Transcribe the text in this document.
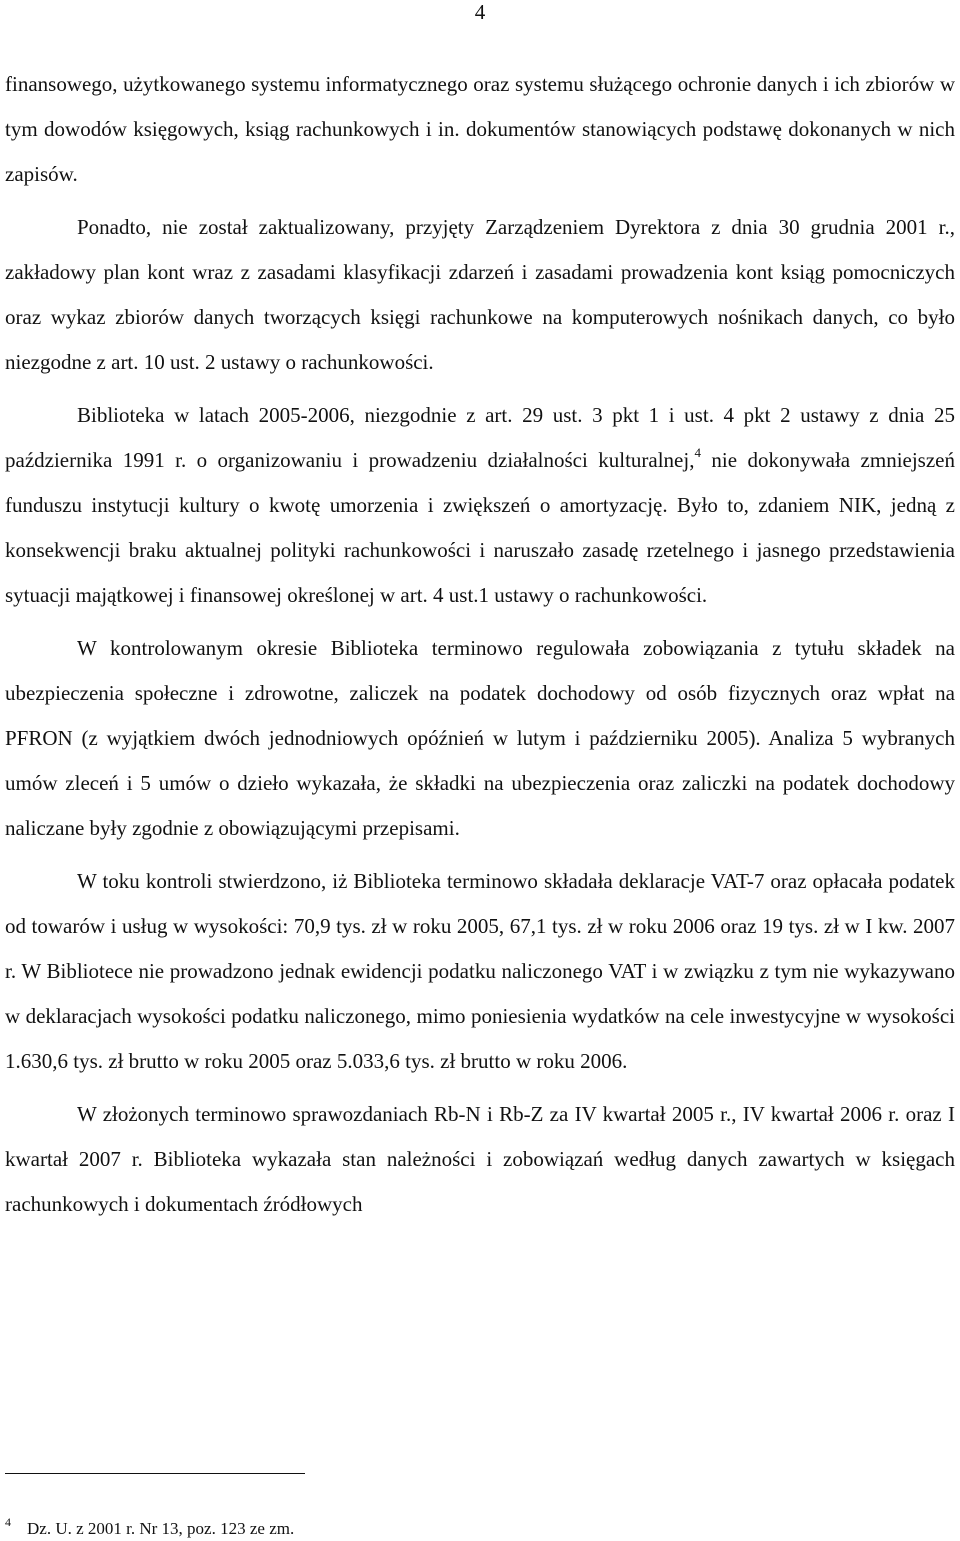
4

finansowego, użytkowanego systemu informatycznego oraz systemu służącego ochronie danych i ich zbiorów w tym dowodów księgowych, ksiąg rachunkowych i in. dokumentów stanowiących podstawę dokonanych w nich zapisów.

Ponadto, nie został zaktualizowany, przyjęty Zarządzeniem Dyrektora z dnia 30 grudnia 2001 r., zakładowy plan kont wraz z zasadami klasyfikacji zdarzeń i zasadami prowadzenia kont ksiąg pomocniczych oraz wykaz zbiorów danych tworzących księgi rachunkowe na komputerowych nośnikach danych, co było niezgodne z art. 10 ust. 2 ustawy o rachunkowości.

Biblioteka w latach 2005-2006, niezgodnie z art. 29 ust. 3 pkt 1 i ust. 4 pkt 2 ustawy z dnia 25 października 1991 r. o organizowaniu i prowadzeniu działalności kulturalnej,$^4$ nie dokonywała zmniejszeń funduszu instytucji kultury o kwotę umorzenia i zwiększeń o amortyzację. Było to, zdaniem NIK, jedną z konsekwencji braku aktualnej polityki rachunkowości i naruszało zasadę rzetelnego i jasnego przedstawienia sytuacji majątkowej i finansowej określonej w art. 4 ust.1 ustawy o rachunkowości.

W kontrolowanym okresie Biblioteka terminowo regulowała zobowiązania z tytułu składek na ubezpieczenia społeczne i zdrowotne, zaliczek na podatek dochodowy od osób fizycznych oraz wpłat na PFRON (z wyjątkiem dwóch jednodniowych opóźnień w lutym i październiku 2005). Analiza 5 wybranych umów zleceń i 5 umów o dzieło wykazała, że składki na ubezpieczenia oraz zaliczki na podatek dochodowy naliczane były zgodnie z obowiązującymi przepisami.

W toku kontroli stwierdzono, iż Biblioteka terminowo składała deklaracje VAT-7 oraz opłacała podatek od towarów i usług w wysokości: 70,9 tys. zł w roku 2005, 67,1 tys. zł w roku 2006 oraz 19 tys. zł w I kw. 2007 r. W Bibliotece nie prowadzono jednak ewidencji podatku naliczonego VAT i w związku z tym nie wykazywano w deklaracjach wysokości podatku naliczonego, mimo poniesienia wydatków na cele inwestycyjne w wysokości 1.630,6 tys. zł brutto w roku 2005 oraz 5.033,6 tys. zł brutto w roku 2006.

W złożonych terminowo sprawozdaniach Rb-N i Rb-Z za IV kwartał 2005 r., IV kwartał 2006 r. oraz I kwartał 2007 r. Biblioteka wykazała stan należności i zobowiązań według danych zawartych w księgach rachunkowych i dokumentach źródłowych

$^4$ Dz. U. z 2001 r. Nr 13, poz. 123 ze zm.
